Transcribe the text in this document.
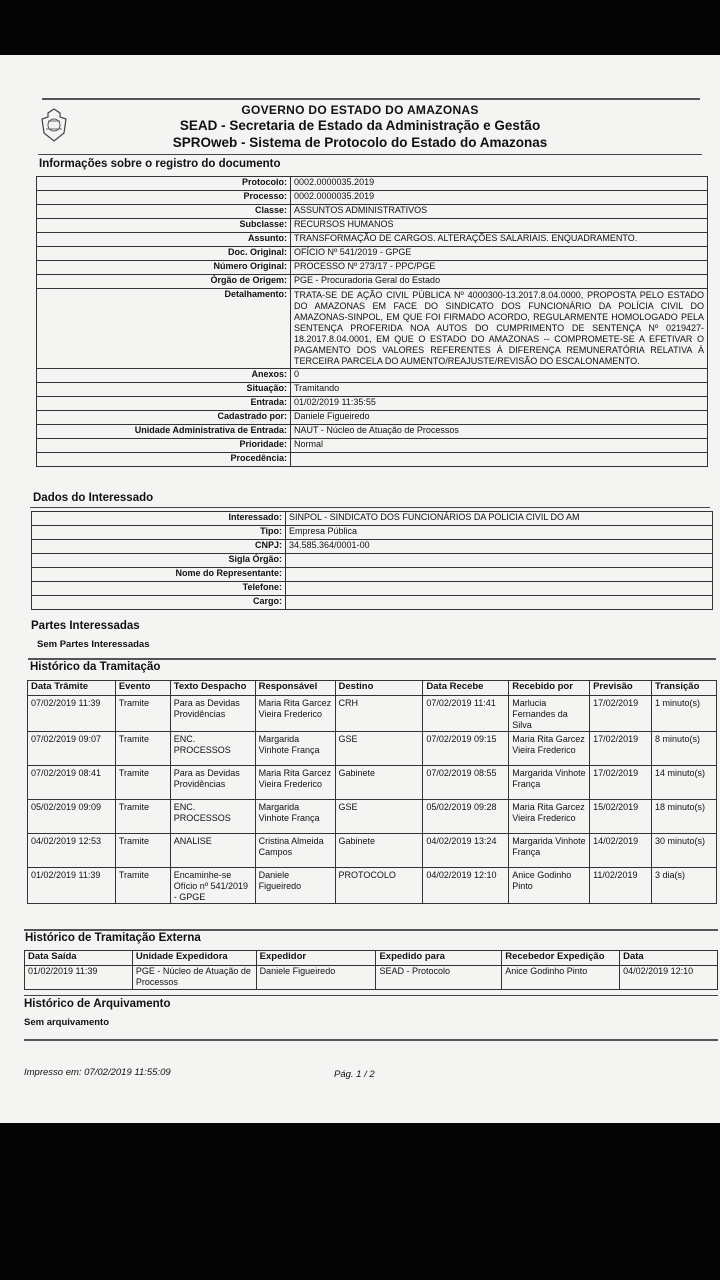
GOVERNO DO ESTADO DO AMAZONAS
SEAD - Secretaria de Estado da Administração e Gestão
SPROweb - Sistema de Protocolo do Estado do Amazonas
Informações sobre o registro do documento
Protocolo:	0002.0000035.2019
Processo:	0002.0000035.2019
Classe:	ASSUNTOS ADMINISTRATIVOS
Subclasse:	RECURSOS HUMANOS
Assunto:	TRANSFORMAÇÃO DE CARGOS. ALTERAÇÕES SALARIAIS. ENQUADRAMENTO.
Doc. Original:	OFÍCIO Nº 541/2019 - GPGE
Número Original:	PROCESSO Nº 273/17 - PPC/PGE
Órgão de Origem:	PGE - Procuradoria Geral do Estado
Detalhamento:	TRATA-SE DE AÇÃO CIVIL PÚBLICA Nº 4000300-13.2017.8.04.0000, PROPOSTA PELO ESTADO DO AMAZONAS EM FACE DO SINDICATO DOS FUNCIONÁRIO DA POLÍCIA CIVIL DO AMAZONAS-SINPOL, EM QUE FOI FIRMADO ACORDO, REGULARMENTE HOMOLOGADO PELA SENTENÇA PROFERIDA NOA AUTOS DO CUMPRIMENTO DE SENTENÇA Nº 0219427-18.2017.8.04.0001, EM QUE O ESTADO DO AMAZONAS -- COMPROMETE-SE A EFETIVAR O PAGAMENTO DOS VALORES REFERENTES À DIFERENÇA REMUNERATÓRIA RELATIVA À TERCEIRA PARCELA DO AUMENTO/REAJUSTE/REVISÃO DO ESCALONAMENTO.
Anexos:	0
Situação:	Tramitando
Entrada:	01/02/2019 11:35:55
Cadastrado por:	Daniele Figueiredo
Unidade Administrativa de Entrada:	NAUT - Núcleo de Atuação de Processos
Prioridade:	Normal
Procedência:	
Dados do Interessado
Interessado:	SINPOL - SINDICATO DOS FUNCIONÁRIOS DA POLICIA CIVIL DO AM
Tipo:	Empresa Pública
CNPJ:	34.585.364/0001-00
Sigla Órgão:	
Nome do Representante:	
Telefone:	
Cargo:	
Partes Interessadas
Sem Partes Interessadas
Histórico da Tramitação
Data Trâmite	Evento	Texto Despacho	Responsável	Destino	Data Recebe	Recebido por	Previsão	Transição
07/02/2019 11:39	Tramite	Para as Devidas Providências	Maria Rita Garcez Vieira Frederico	CRH	07/02/2019 11:41	Marlucia Fernandes da Silva	17/02/2019	1 minuto(s)
07/02/2019 09:07	Tramite	ENC. PROCESSOS	Margarida Vinhote França	GSE	07/02/2019 09:15	Maria Rita Garcez Vieira Frederico	17/02/2019	8 minuto(s)
07/02/2019 08:41	Tramite	Para as Devidas Providências	Maria Rita Garcez Vieira Frederico	Gabinete	07/02/2019 08:55	Margarida Vinhote França	17/02/2019	14 minuto(s)
05/02/2019 09:09	Tramite	ENC. PROCESSOS	Margarida Vinhote França	GSE	05/02/2019 09:28	Maria Rita Garcez Vieira Frederico	15/02/2019	18 minuto(s)
04/02/2019 12:53	Tramite	ANALISE	Cristina Almeida Campos	Gabinete	04/02/2019 13:24	Margarida Vinhote França	14/02/2019	30 minuto(s)
01/02/2019 11:39	Tramite	Encaminhe-se Ofício nº 541/2019 - GPGE	Daniele Figueiredo	PROTOCOLO	04/02/2019 12:10	Anice Godinho Pinto	11/02/2019	3 dia(s)
Histórico de Tramitação Externa
Data Saída	Unidade Expedidora	Expedidor	Expedido para	Recebedor Expedição	Data
01/02/2019 11:39	PGE - Núcleo de Atuação de Processos	Daniele Figueiredo	SEAD - Protocolo	Anice Godinho Pinto	04/02/2019 12:10
Histórico de Arquivamento
Sem arquivamento
Impresso em: 07/02/2019 11:55:09	Pág. 1 / 2
